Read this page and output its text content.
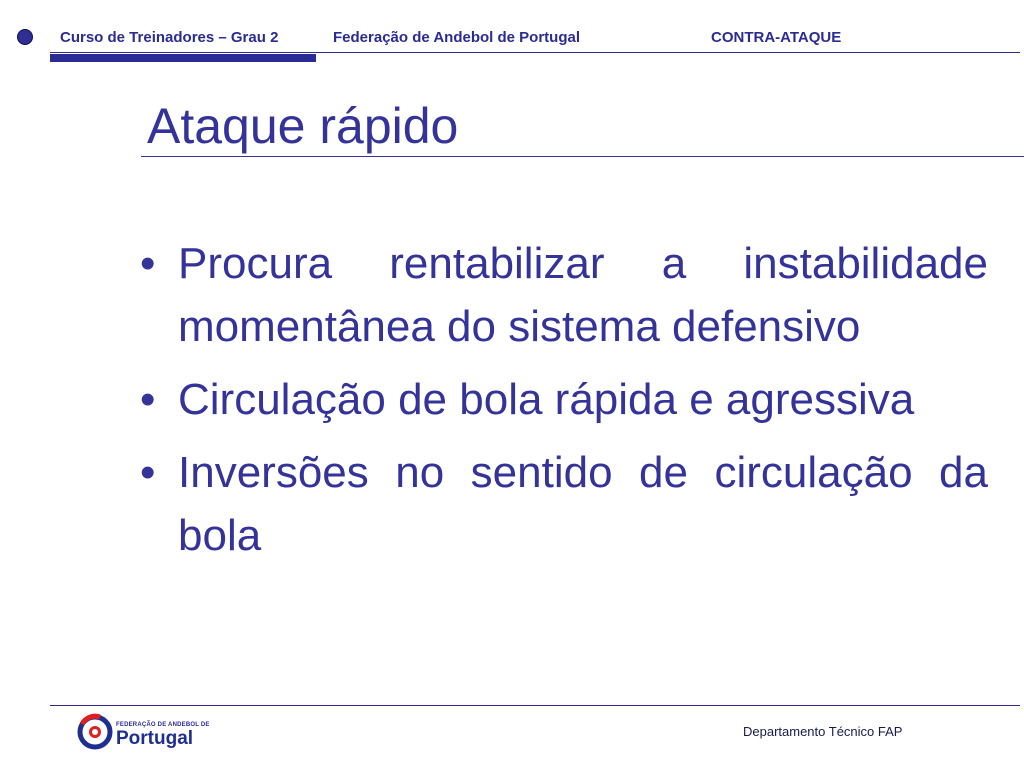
Curso de Treinadores – Grau 2	Federação de Andebol de Portugal	CONTRA-ATAQUE
Ataque rápido
• Procura rentabilizar a instabilidade momentânea do sistema defensivo
• Circulação de bola rápida e agressiva
• Inversões no sentido de circulação da bola
FEDERAÇÃO DE ANDEBOL DE
Portugal	Departamento Técnico FAP
